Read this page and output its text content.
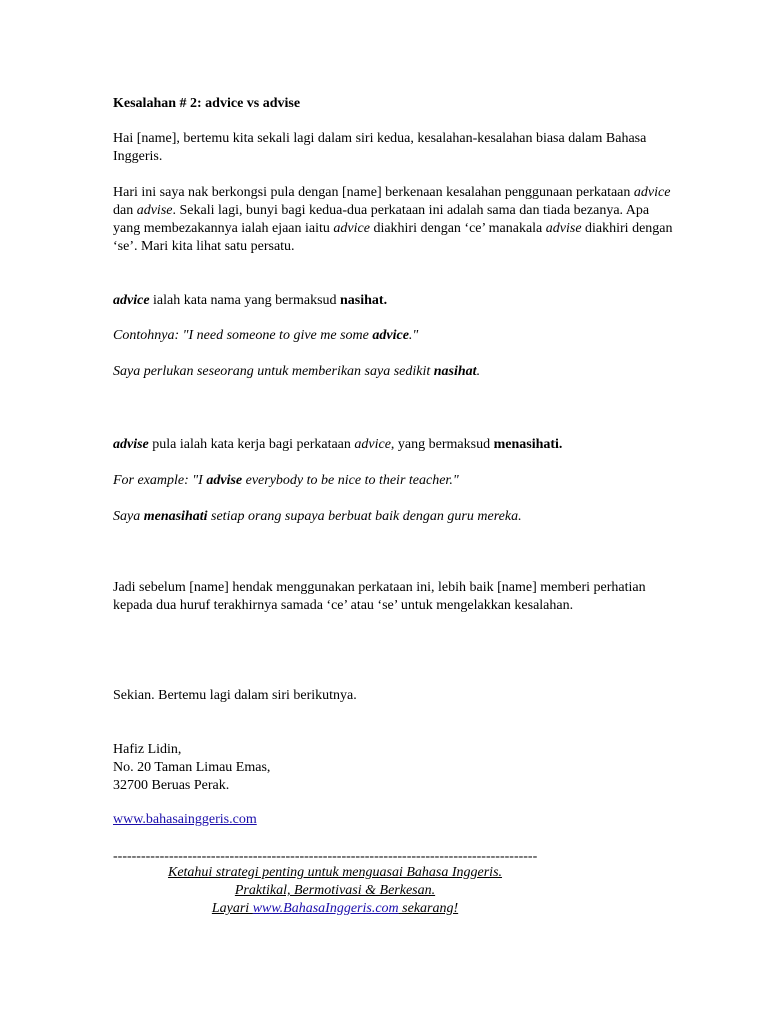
Kesalahan # 2: advice vs advise

Hai [name], bertemu kita sekali lagi dalam siri kedua, kesalahan-kesalahan biasa dalam Bahasa Inggeris.

Hari ini saya nak berkongsi pula dengan [name] berkenaan kesalahan penggunaan perkataan advice dan advise. Sekali lagi, bunyi bagi kedua-dua perkataan ini adalah sama dan tiada bezanya. Apa yang membezakannya ialah ejaan iaitu advice diakhiri dengan ‘ce’ manakala advise diakhiri dengan ‘se’. Mari kita lihat satu persatu.

advice ialah kata nama yang bermaksud nasihat.

Contohnya: "I need someone to give me some advice."

Saya perlukan seseorang untuk memberikan saya sedikit nasihat.

advise pula ialah kata kerja bagi perkataan advice, yang bermaksud menasihati.

For example: "I advise everybody to be nice to their teacher."

Saya menasihati setiap orang supaya berbuat baik dengan guru mereka.

Jadi sebelum [name] hendak menggunakan perkataan ini, lebih baik [name] memberi perhatian kepada dua huruf terakhirnya samada ‘ce’ atau ‘se’ untuk mengelakkan kesalahan.

Sekian. Bertemu lagi dalam siri berikutnya.

Hafiz Lidin,

No. 20 Taman Limau Emas,

32700 Beruas Perak.

www.bahasainggeris.com

-------------------------------------------------------------------------------------------

Ketahui strategi penting untuk menguasai Bahasa Inggeris.
Praktikal, Bermotivasi & Berkesan.
Layari www.BahasaInggeris.com sekarang!
